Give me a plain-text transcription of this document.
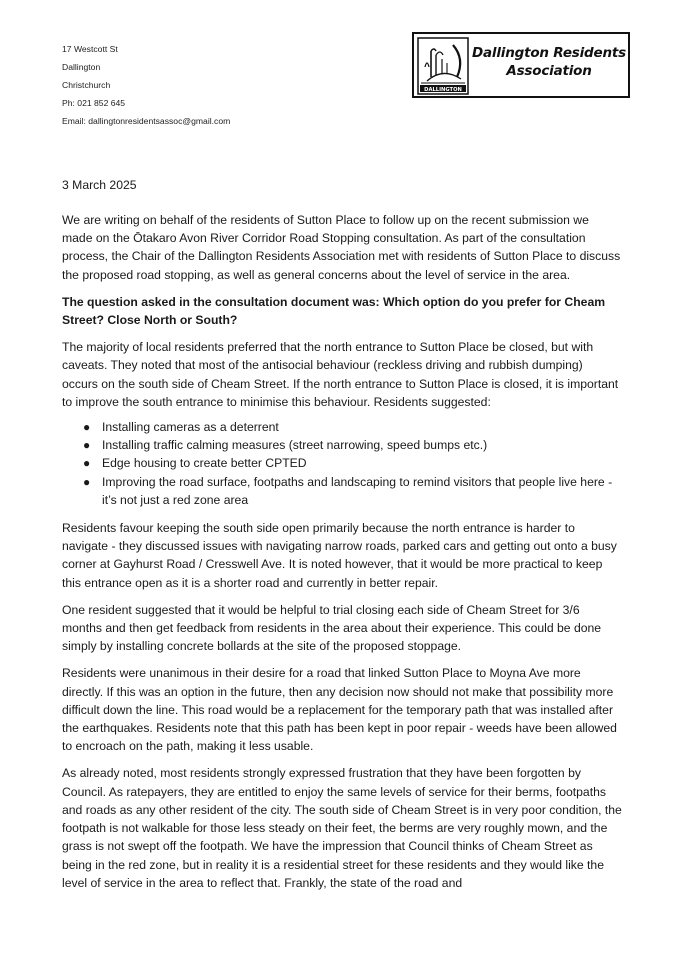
17 Westcott St
Dallington
Christchurch
Ph: 021 852 645
Email: dallingtonresidentsassoc@gmail.com
DALLINGTON
Dallington Residents
Association
3 March 2025

We are writing on behalf of the residents of Sutton Place to follow up on the recent submission we made on the Ōtakaro Avon River Corridor Road Stopping consultation. As part of the consultation process, the Chair of the Dallington Residents Association met with residents of Sutton Place to discuss the proposed road stopping, as well as general concerns about the level of service in the area.

The question asked in the consultation document was: Which option do you prefer for Cheam Street? Close North or South?

The majority of local residents preferred that the north entrance to Sutton Place be closed, but with caveats. They noted that most of the antisocial behaviour (reckless driving and rubbish dumping) occurs on the south side of Cheam Street. If the north entrance to Sutton Place is closed, it is important to improve the south entrance to minimise this behaviour. Residents suggested:

● Installing cameras as a deterrent
● Installing traffic calming measures (street narrowing, speed bumps etc.)
● Edge housing to create better CPTED
● Improving the road surface, footpaths and landscaping to remind visitors that people live here - it’s not just a red zone area

Residents favour keeping the south side open primarily because the north entrance is harder to navigate - they discussed issues with navigating narrow roads, parked cars and getting out onto a busy corner at Gayhurst Road / Cresswell Ave. It is noted however, that it would be more practical to keep this entrance open as it is a shorter road and currently in better repair.

One resident suggested that it would be helpful to trial closing each side of Cheam Street for 3/6 months and then get feedback from residents in the area about their experience. This could be done simply by installing concrete bollards at the site of the proposed stoppage.

Residents were unanimous in their desire for a road that linked Sutton Place to Moyna Ave more directly. If this was an option in the future, then any decision now should not make that possibility more difficult down the line. This road would be a replacement for the temporary path that was installed after the earthquakes. Residents note that this path has been kept in poor repair - weeds have been allowed to encroach on the path, making it less usable.

As already noted, most residents strongly expressed frustration that they have been forgotten by Council. As ratepayers, they are entitled to enjoy the same levels of service for their berms, footpaths and roads as any other resident of the city. The south side of Cheam Street is in very poor condition, the footpath is not walkable for those less steady on their feet, the berms are very roughly mown, and the grass is not swept off the footpath. We have the impression that Council thinks of Cheam Street as being in the red zone, but in reality it is a residential street for these residents and they would like the level of service in the area to reflect that. Frankly, the state of the road and
